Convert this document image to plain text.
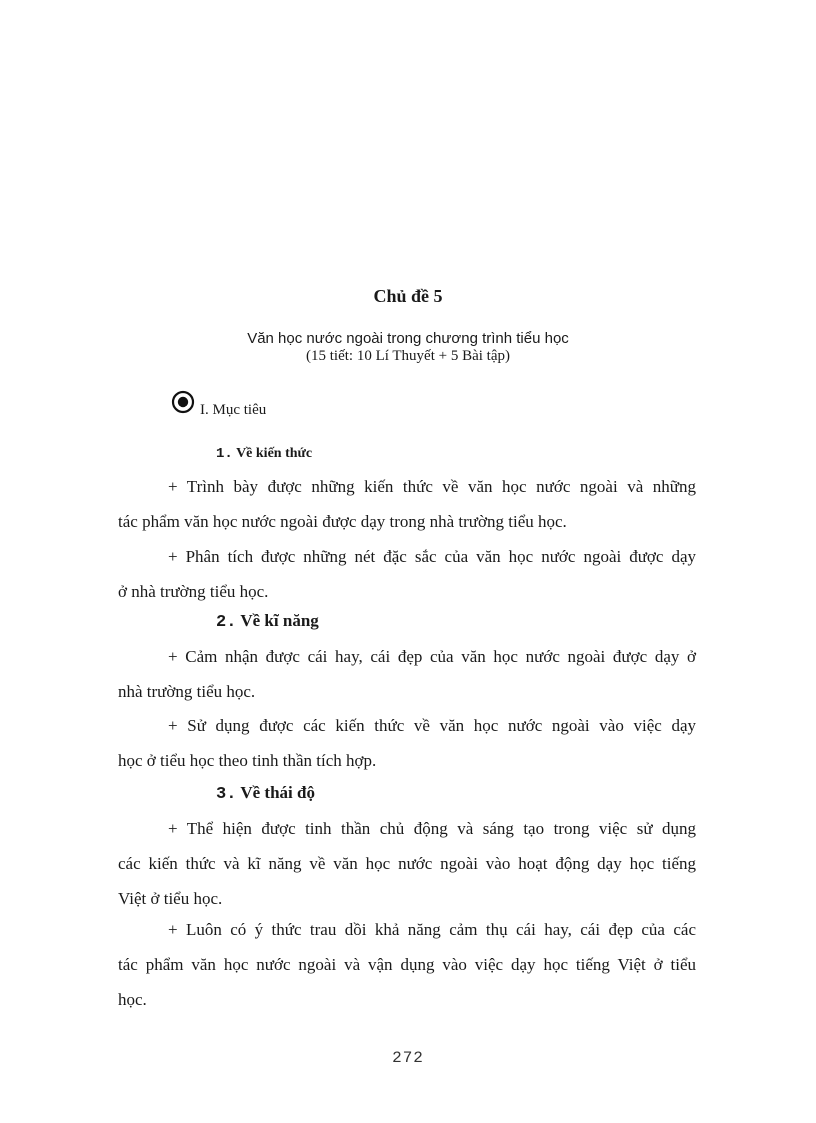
Chủ đề 5
Văn học nước ngoài trong chương trình tiểu học
(15 tiết: 10 Lí Thuyết + 5 Bài tập)
I. Mục tiêu
1. Về kiến thức
+ Trình bày được những kiến thức về văn học nước ngoài và những
tác phẩm văn học nước ngoài được dạy trong nhà trường tiểu học.
+ Phân tích được những nét đặc sắc của văn học nước ngoài được dạy
ở nhà trường tiểu học.
2. Về kĩ năng
+ Cảm nhận được cái hay, cái đẹp của văn học nước ngoài được dạy ở
nhà trường tiểu học.
+ Sử dụng được các kiến thức về văn học nước ngoài vào việc dạy
học ở tiểu học theo tinh thần tích hợp.
3. Về thái độ
+ Thể hiện được tinh thần chủ động và sáng tạo trong việc sử dụng
các kiến thức và kĩ năng về văn học nước ngoài vào hoạt động dạy học tiếng
Việt ở tiểu học.
+ Luôn có ý thức trau dồi khả năng cảm thụ cái hay, cái đẹp của các
tác phẩm văn học nước ngoài và vận dụng vào việc dạy học tiếng Việt ở tiểu
học.
272
